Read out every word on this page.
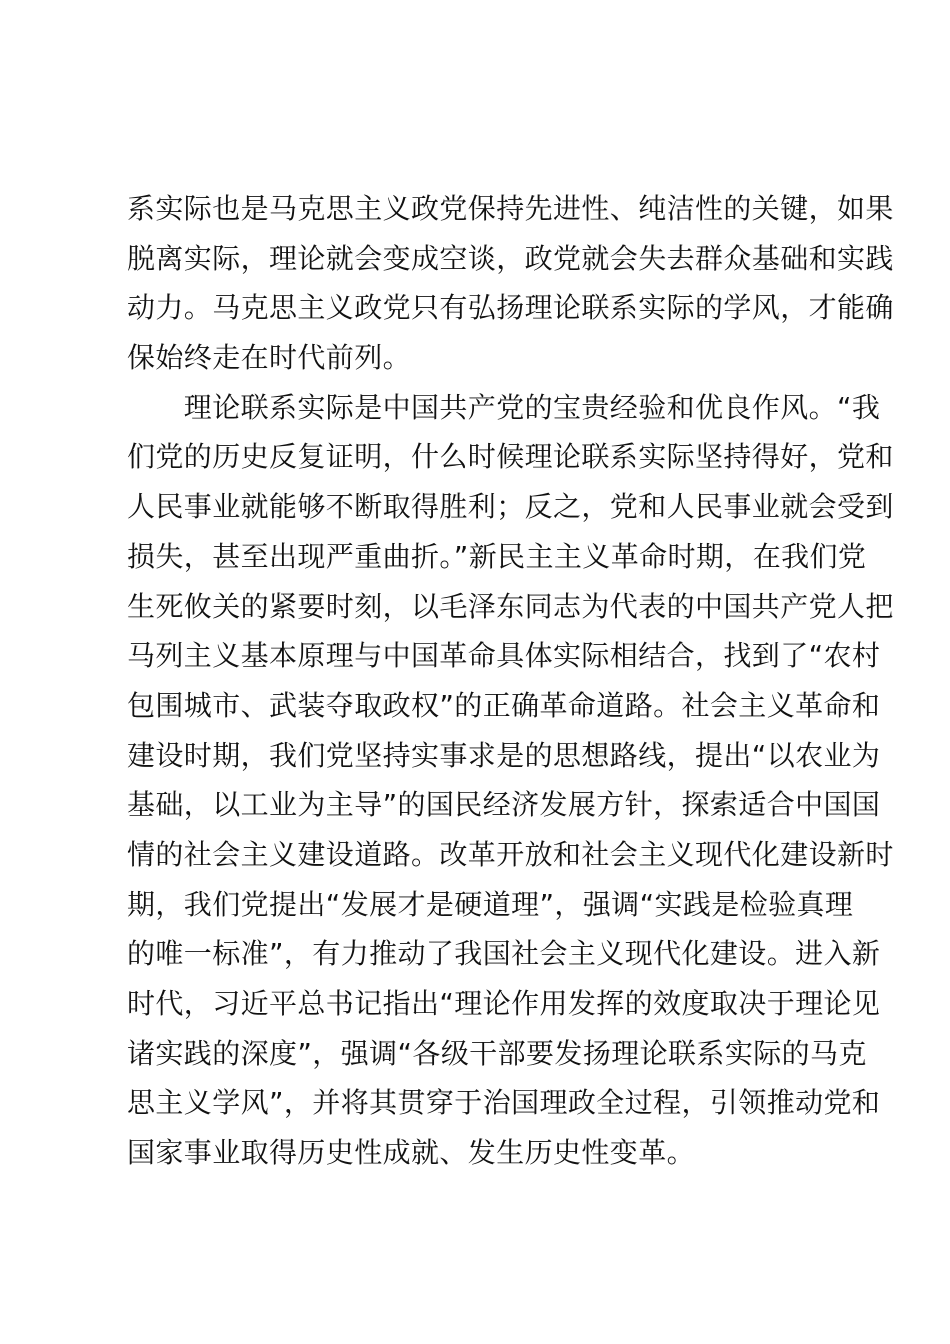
系实际也是马克思主义政党保持先进性、纯洁性的关键，如果
脱离实际，理论就会变成空谈，政党就会失去群众基础和实践
动力。马克思主义政党只有弘扬理论联系实际的学风，才能确
保始终走在时代前列。
　　理论联系实际是中国共产党的宝贵经验和优良作风。“我
们党的历史反复证明，什么时候理论联系实际坚持得好，党和
人民事业就能够不断取得胜利；反之，党和人民事业就会受到
损失，甚至出现严重曲折。”新民主主义革命时期，在我们党
生死攸关的紧要时刻，以毛泽东同志为代表的中国共产党人把
马列主义基本原理与中国革命具体实际相结合，找到了“农村
包围城市、武装夺取政权”的正确革命道路。社会主义革命和
建设时期，我们党坚持实事求是的思想路线，提出“以农业为
基础，以工业为主导”的国民经济发展方针，探索适合中国国
情的社会主义建设道路。改革开放和社会主义现代化建设新时
期，我们党提出“发展才是硬道理”，强调“实践是检验真理
的唯一标准”，有力推动了我国社会主义现代化建设。进入新
时代，习近平总书记指出“理论作用发挥的效度取决于理论见
诸实践的深度”，强调“各级干部要发扬理论联系实际的马克
思主义学风”，并将其贯穿于治国理政全过程，引领推动党和
国家事业取得历史性成就、发生历史性变革。
